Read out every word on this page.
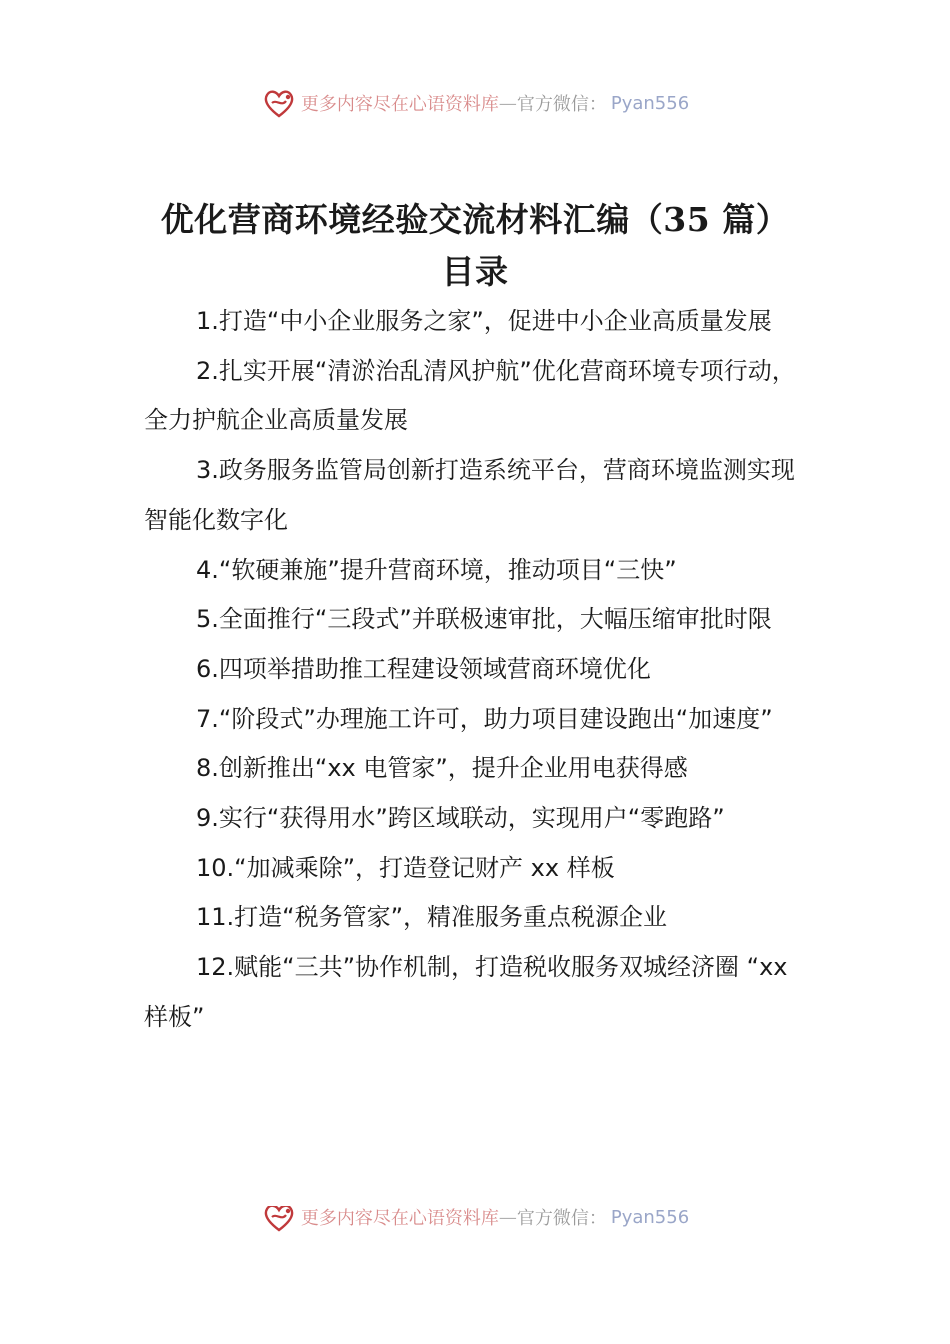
更多内容尽在心语资料库 — 官方微信： Pyan556
优化营商环境经验交流材料汇编（35 篇）
目录

1.打造“中小企业服务之家”，促进中小企业高质量发展

2.扎实开展“清淤治乱清风护航”优化营商环境专项行动，全力护航企业高质量发展

3.政务服务监管局创新打造系统平台，营商环境监测实现智能化数字化

4.“软硬兼施”提升营商环境，推动项目“三快”

5.全面推行“三段式”并联极速审批，大幅压缩审批时限

6.四项举措助推工程建设领域营商环境优化

7.“阶段式”办理施工许可，助力项目建设跑出“加速度”

8.创新推出“xx 电管家”，提升企业用电获得感

9.实行“获得用水”跨区域联动，实现用户“零跑路”

10.“加减乘除”，打造登记财产 xx 样板

11.打造“税务管家”，精准服务重点税源企业

12.赋能“三共”协作机制，打造税收服务双城经济圈 “xx 样板”

更多内容尽在心语资料库 — 官方微信： Pyan556
